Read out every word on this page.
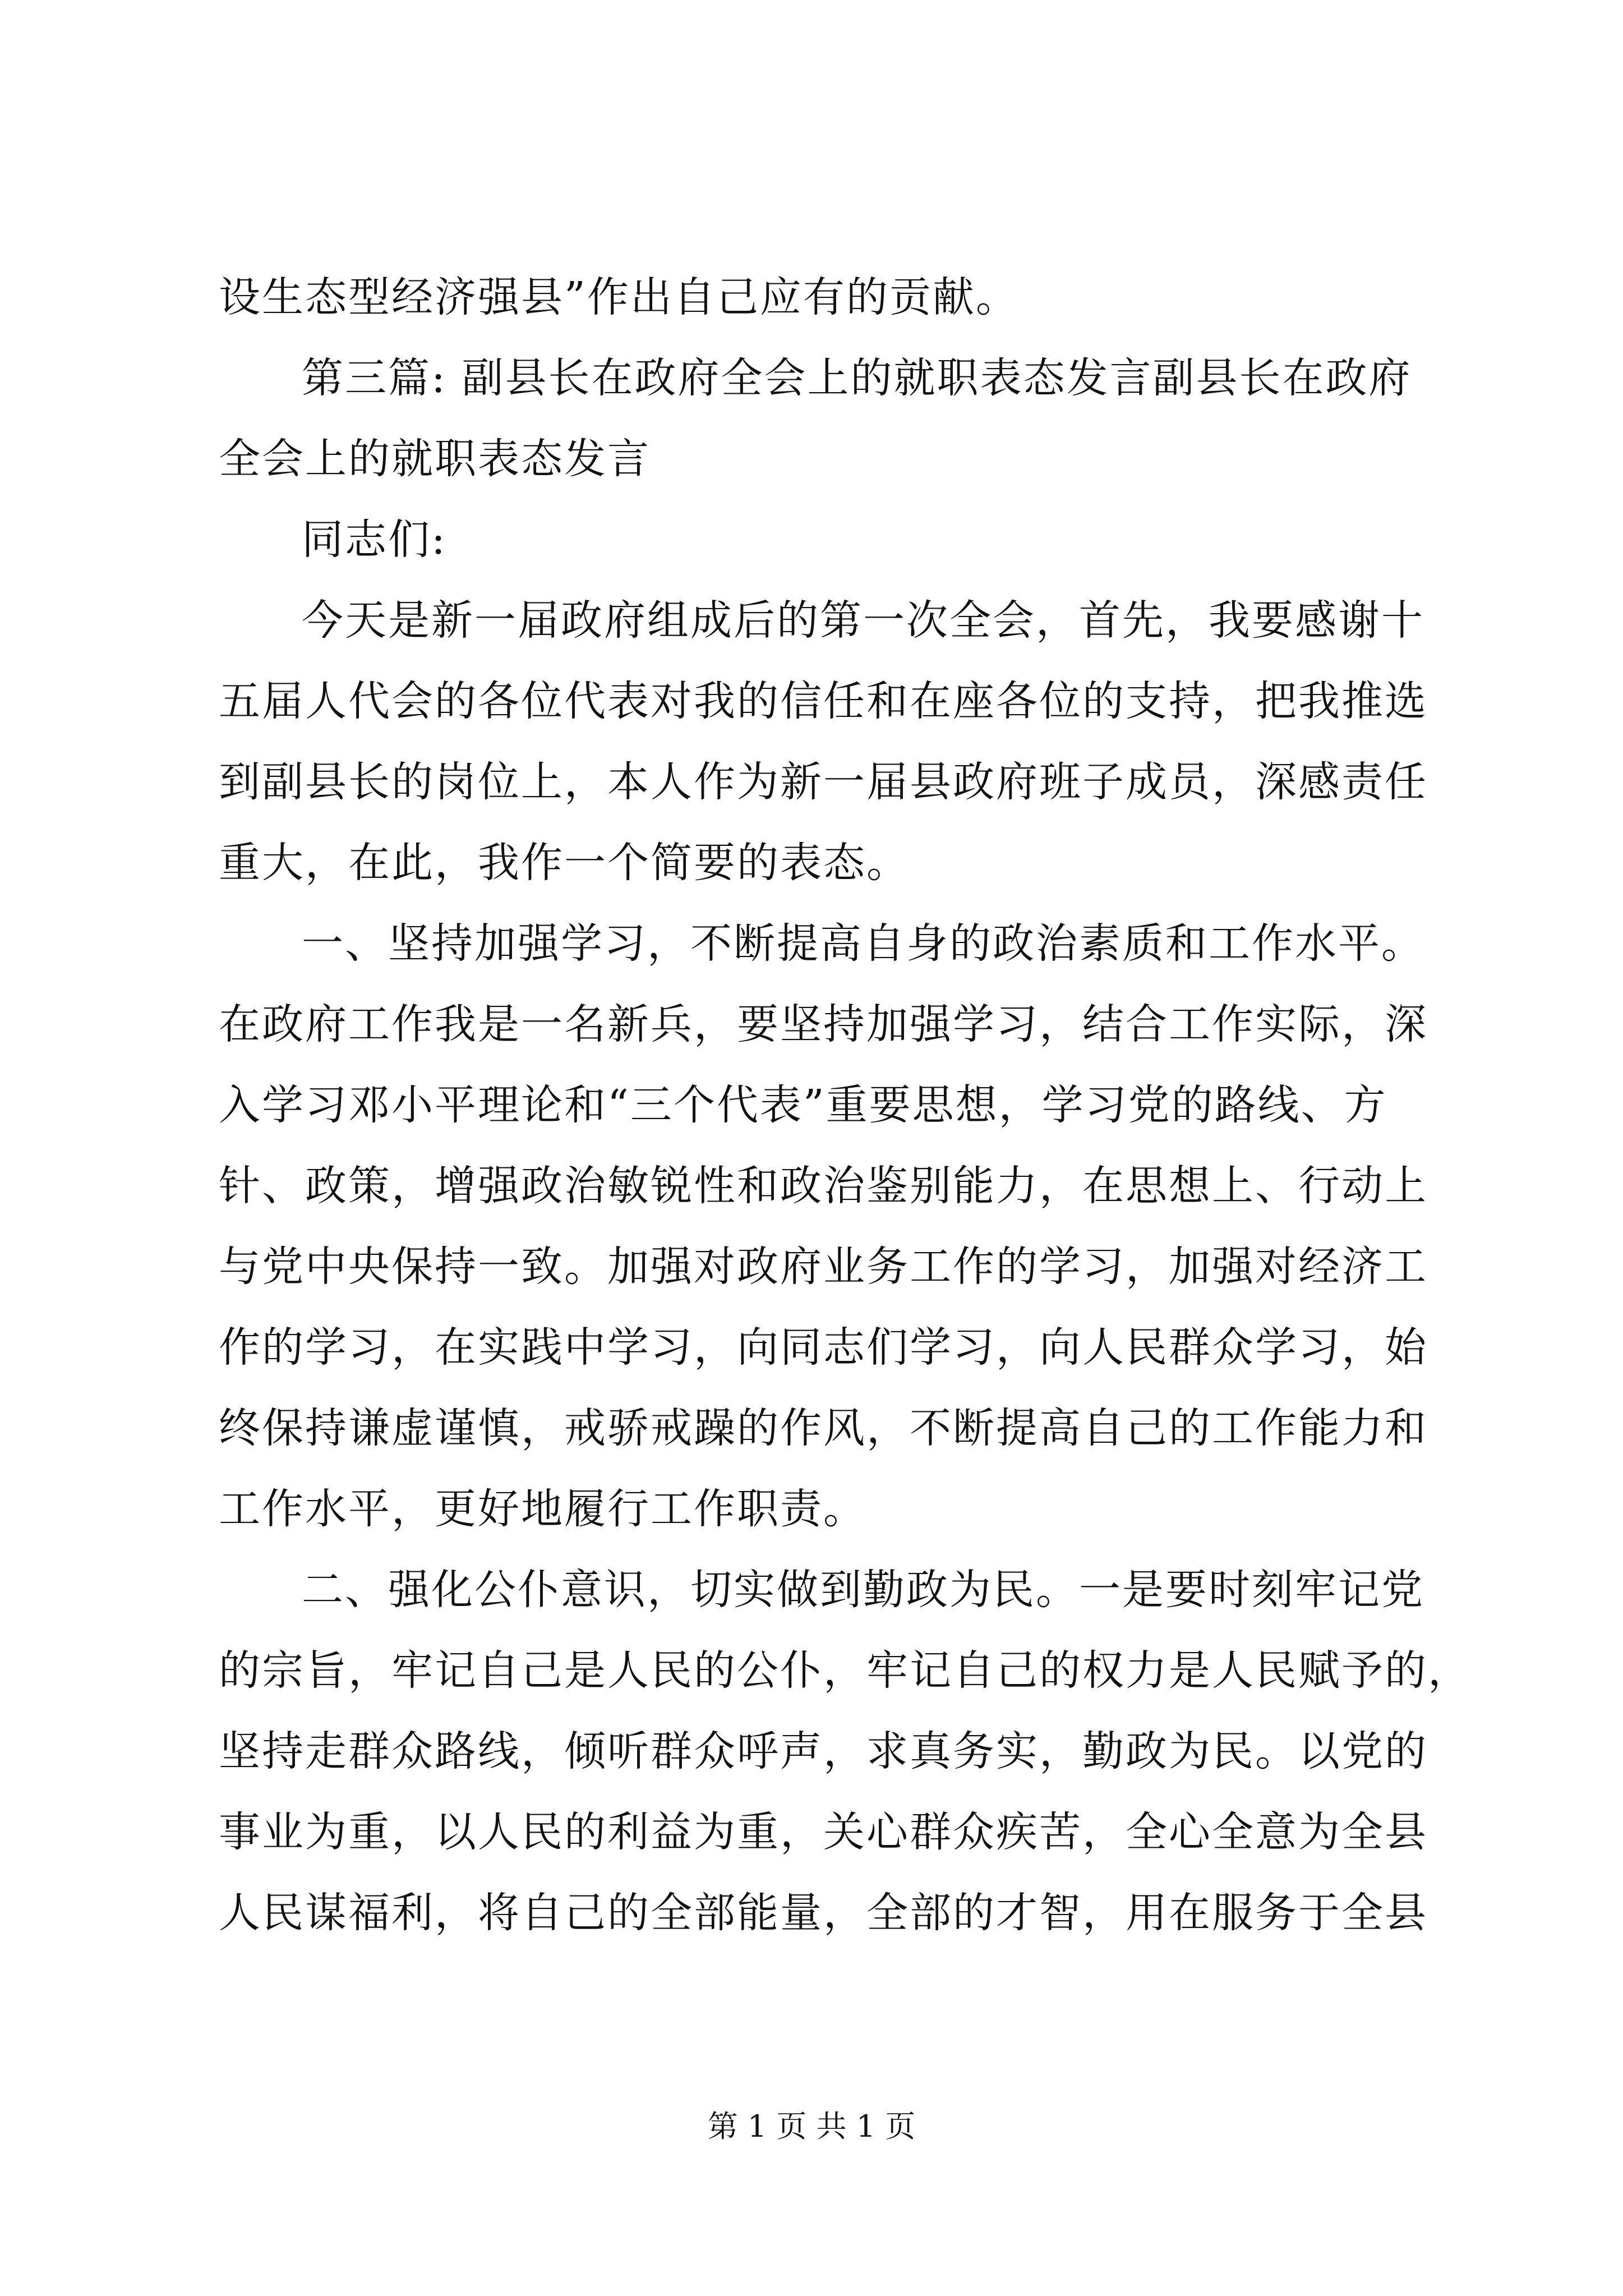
设生态型经济强县”作出自己应有的贡献。
第三篇: 副县长在政府全会上的就职表态发言副县长在政府
全会上的就职表态发言
同志们:
今天是新一届政府组成后的第一次全会，首先，我要感谢十
五届人代会的各位代表对我的信任和在座各位的支持，把我推选
到副县长的岗位上，本人作为新一届县政府班子成员，深感责任
重大，在此，我作一个简要的表态。
一、坚持加强学习，不断提高自身的政治素质和工作水平。
在政府工作我是一名新兵，要坚持加强学习，结合工作实际，深
入学习邓小平理论和“三个代表”重要思想，学习党的路线、方
针、政策，增强政治敏锐性和政治鉴别能力，在思想上、行动上
与党中央保持一致。加强对政府业务工作的学习，加强对经济工
作的学习，在实践中学习，向同志们学习，向人民群众学习，始
终保持谦虚谨慎，戒骄戒躁的作风，不断提高自己的工作能力和
工作水平，更好地履行工作职责。
二、强化公仆意识，切实做到勤政为民。一是要时刻牢记党
的宗旨，牢记自己是人民的公仆，牢记自己的权力是人民赋予的，
坚持走群众路线，倾听群众呼声，求真务实，勤政为民。以党的
事业为重，以人民的利益为重，关心群众疾苦，全心全意为全县
人民谋福利，将自己的全部能量，全部的才智，用在服务于全县
第 1 页 共 1 页
